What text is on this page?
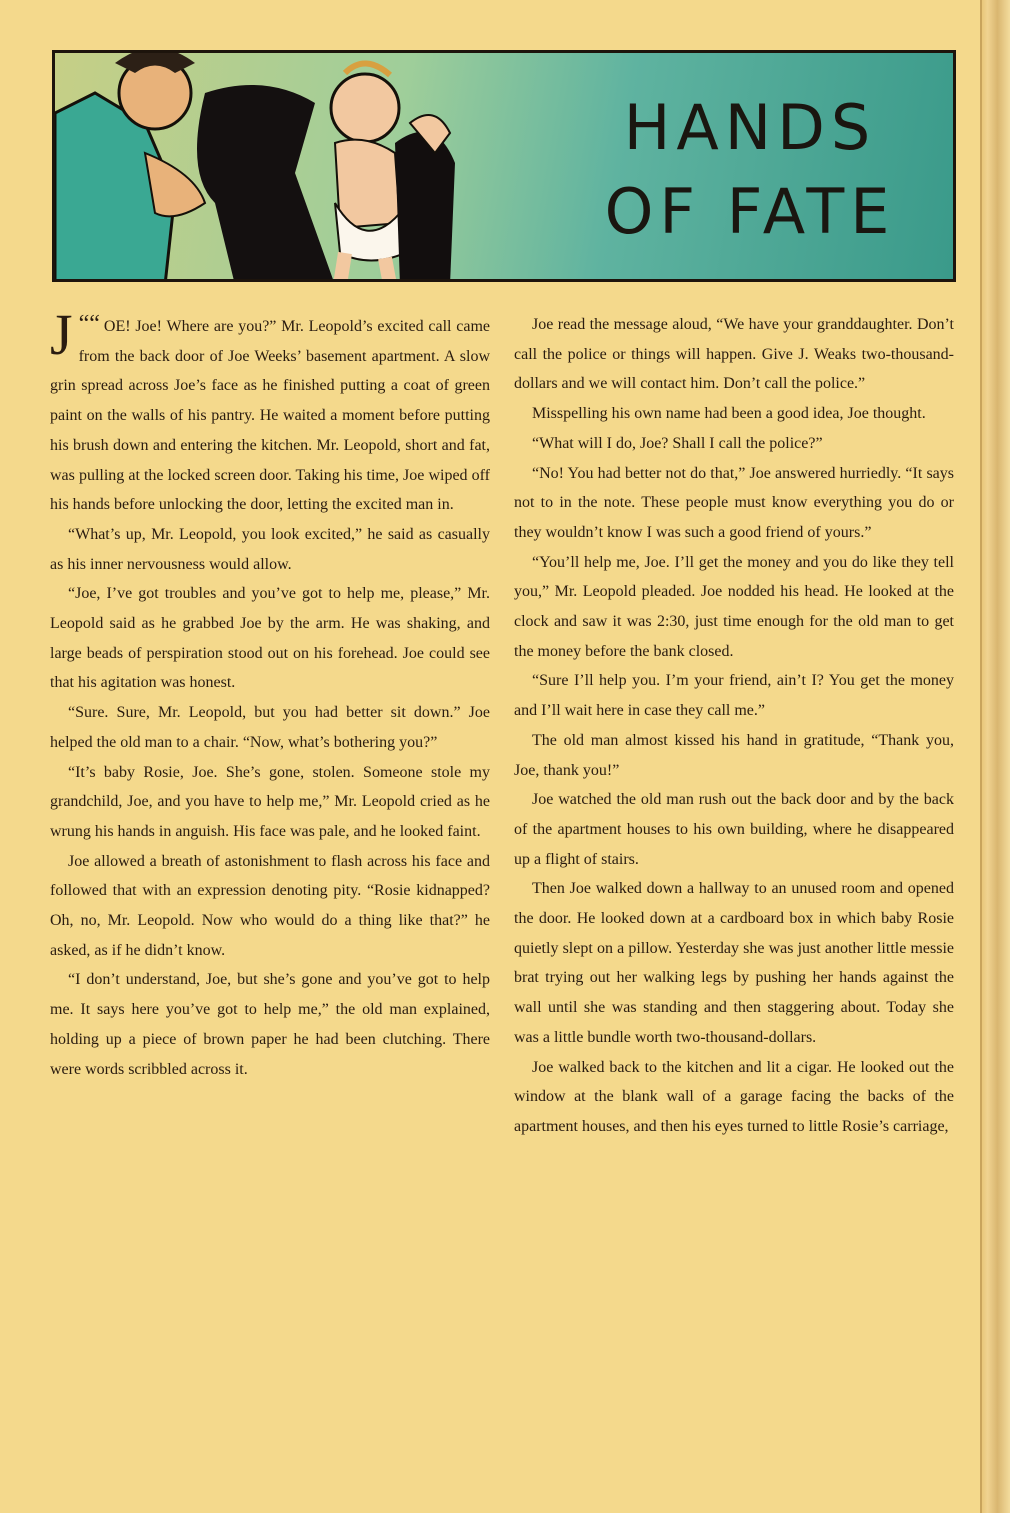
HANDS
OF FATE

““
J OE! Joe! Where are you?” Mr. Leopold’s excited call came from the back door of Joe Weeks’ basement apartment. A slow grin spread across Joe’s face as he finished putting a coat of green paint on the walls of his pantry. He waited a moment before putting his brush down and entering the kitchen. Mr. Leopold, short and fat, was pulling at the locked screen door. Taking his time, Joe wiped off his hands before unlocking the door, letting the excited man in.

“What’s up, Mr. Leopold, you look excited,” he said as casually as his inner nervousness would allow.

“Joe, I’ve got troubles and you’ve got to help me, please,” Mr. Leopold said as he grabbed Joe by the arm. He was shaking, and large beads of perspiration stood out on his forehead. Joe could see that his agitation was honest.

“Sure. Sure, Mr. Leopold, but you had better sit down.” Joe helped the old man to a chair. “Now, what’s bothering you?”

“It’s baby Rosie, Joe. She’s gone, stolen. Someone stole my grandchild, Joe, and you have to help me,” Mr. Leopold cried as he wrung his hands in anguish. His face was pale, and he looked faint.

Joe allowed a breath of astonishment to flash across his face and followed that with an expression denoting pity. “Rosie kidnapped? Oh, no, Mr. Leopold. Now who would do a thing like that?” he asked, as if he didn’t know.

“I don’t understand, Joe, but she’s gone and you’ve got to help me. It says here you’ve got to help me,” the old man explained, holding up a piece of brown paper he had been clutching. There were words scribbled across it.

Joe read the message aloud, “We have your granddaughter. Don’t call the police or things will happen. Give J. Weaks two-thousand-dollars and we will contact him. Don’t call the police.”

Misspelling his own name had been a good idea, Joe thought.

“What will I do, Joe? Shall I call the police?”

“No! You had better not do that,” Joe answered hurriedly. “It says not to in the note. These people must know everything you do or they wouldn’t know I was such a good friend of yours.”

“You’ll help me, Joe. I’ll get the money and you do like they tell you,” Mr. Leopold pleaded. Joe nodded his head. He looked at the clock and saw it was 2:30, just time enough for the old man to get the money before the bank closed.

“Sure I’ll help you. I’m your friend, ain’t I? You get the money and I’ll wait here in case they call me.”

The old man almost kissed his hand in gratitude, “Thank you, Joe, thank you!”

Joe watched the old man rush out the back door and by the back of the apartment houses to his own building, where he disappeared up a flight of stairs.

Then Joe walked down a hallway to an unused room and opened the door. He looked down at a cardboard box in which baby Rosie quietly slept on a pillow. Yesterday she was just another little messie brat trying out her walking legs by pushing her hands against the wall until she was standing and then staggering about. Today she was a little bundle worth two-thousand-dollars.

Joe walked back to the kitchen and lit a cigar. He looked out the window at the blank wall of a garage facing the backs of the apartment houses, and then his eyes turned to little Rosie’s carriage,
